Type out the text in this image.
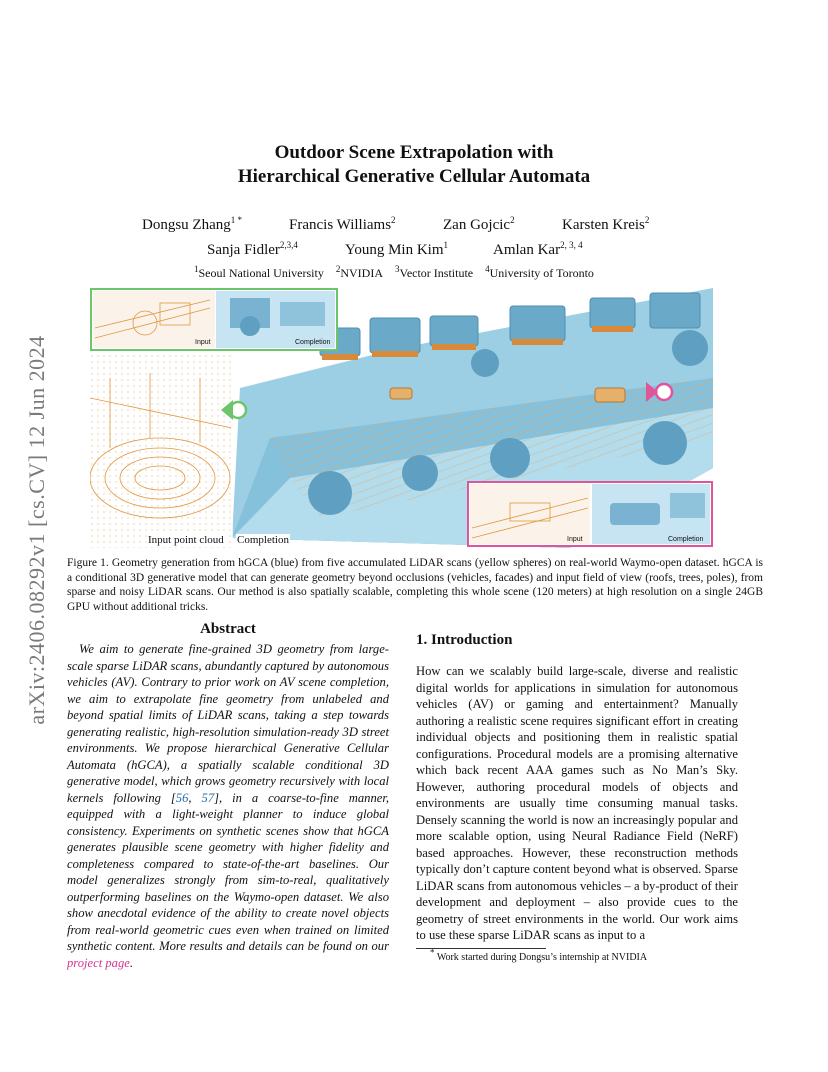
arXiv:2406.08292v1 [cs.CV] 12 Jun 2024
Outdoor Scene Extrapolation with
Hierarchical Generative Cellular Automata
Dongsu Zhang$^{1 *}$	Francis Williams$^2$	Zan Gojcic$^2$	Karsten Kreis$^2$
Sanja Fidler$^{2,3,4}$	Young Min Kim$^1$	Amlan Kar$^{2, 3, 4}$
$^1$Seoul National University $^2$NVIDIA $^3$Vector Institute $^4$University of Toronto
Input	Completion
Input	Completion
Input point cloud Completion
Figure 1. Geometry generation from hGCA (blue) from five accumulated LiDAR scans (yellow spheres) on real-world Waymo-open dataset. hGCA is a conditional 3D generative model that can generate geometry beyond occlusions (vehicles, facades) and input field of view (roofs, trees, poles), from sparse and noisy LiDAR scans. Our method is also spatially scalable, completing this whole scene (120 meters) at high resolution on a single 24GB GPU without additional tricks.
Abstract
We aim to generate fine-grained 3D geometry from large-scale sparse LiDAR scans, abundantly captured by autonomous vehicles (AV). Contrary to prior work on AV scene completion, we aim to extrapolate fine geometry from unlabeled and beyond spatial limits of LiDAR scans, taking a step towards generating realistic, high-resolution simulation-ready 3D street environments. We propose hierarchical Generative Cellular Automata (hGCA), a spatially scalable conditional 3D generative model, which grows geometry recursively with local kernels following [56, 57], in a coarse-to-fine manner, equipped with a light-weight planner to induce global consistency. Experiments on synthetic scenes show that hGCA generates plausible scene geometry with higher fidelity and completeness compared to state-of-the-art baselines. Our model generalizes strongly from sim-to-real, qualitatively outperforming baselines on the Waymo-open dataset. We also show anecdotal evidence of the ability to create novel objects from real-world geometric cues even when trained on limited synthetic content. More results and details can be found on our project page.
1. Introduction
How can we scalably build large-scale, diverse and realistic digital worlds for applications in simulation for autonomous vehicles (AV) or gaming and entertainment? Manually authoring a realistic scene requires significant effort in creating individual objects and positioning them in realistic spatial configurations. Procedural models are a promising alternative which back recent AAA games such as No Man’s Sky. However, authoring procedural models of objects and environments are usually time consuming manual tasks. Densely scanning the world is now an increasingly popular and more scalable option, using Neural Radiance Field (NeRF) based approaches. However, these reconstruction methods typically don’t capture content beyond what is observed. Sparse LiDAR scans from autonomous vehicles – a by-product of their development and deployment – also provide cues to the geometry of street environments in the world. Our work aims to use these sparse LiDAR scans as input to a
* Work started during Dongsu’s internship at NVIDIA
